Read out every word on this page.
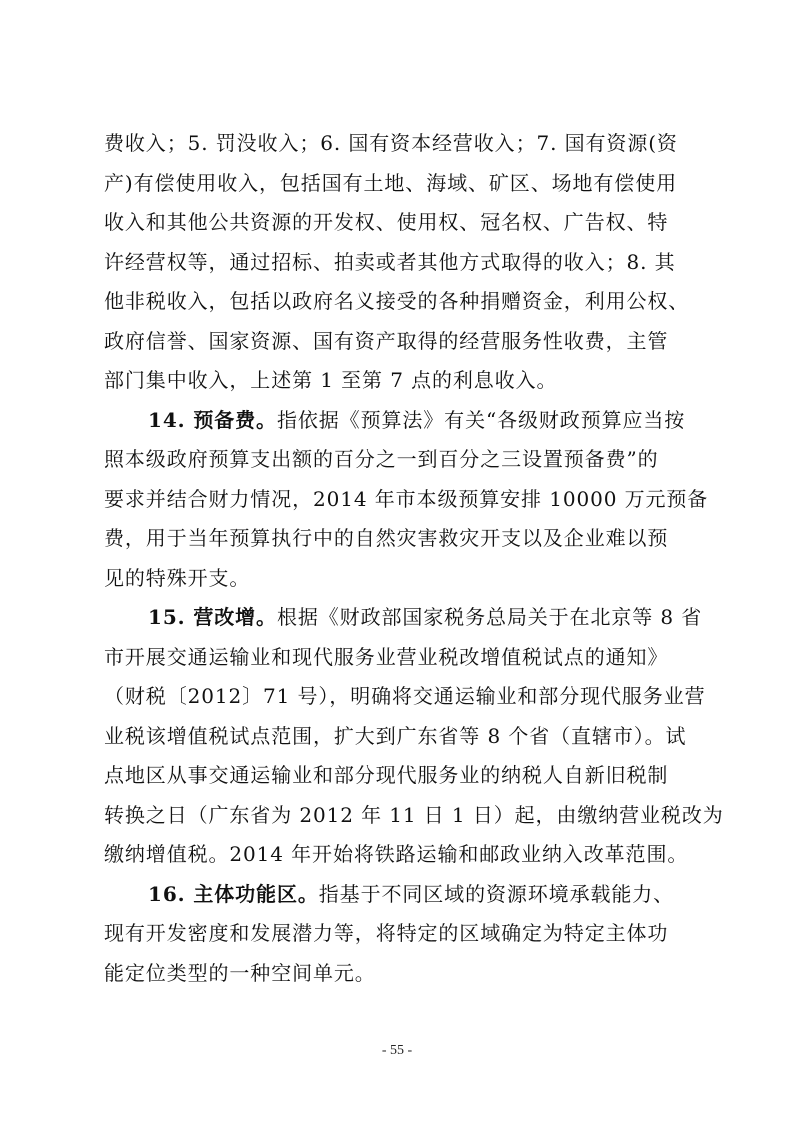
费收入；5. 罚没收入；6. 国有资本经营收入；7. 国有资源(资
产)有偿使用收入，包括国有土地、海域、矿区、场地有偿使用
收入和其他公共资源的开发权、使用权、冠名权、广告权、特
许经营权等，通过招标、拍卖或者其他方式取得的收入；8. 其
他非税收入，包括以政府名义接受的各种捐赠资金，利用公权、
政府信誉、国家资源、国有资产取得的经营服务性收费，主管
部门集中收入，上述第 1 至第 7 点的利息收入。
14. 预备费。指依据《预算法》有关“各级财政预算应当按
照本级政府预算支出额的百分之一到百分之三设置预备费”的
要求并结合财力情况，2014 年市本级预算安排 10000 万元预备
费，用于当年预算执行中的自然灾害救灾开支以及企业难以预
见的特殊开支。
15. 营改增。根据《财政部国家税务总局关于在北京等 8 省
市开展交通运输业和现代服务业营业税改增值税试点的通知》
（财税〔2012〕71 号），明确将交通运输业和部分现代服务业营
业税该增值税试点范围，扩大到广东省等 8 个省（直辖市）。试
点地区从事交通运输业和部分现代服务业的纳税人自新旧税制
转换之日（广东省为 2012 年 11 日 1 日）起，由缴纳营业税改为
缴纳增值税。2014 年开始将铁路运输和邮政业纳入改革范围。
16. 主体功能区。指基于不同区域的资源环境承载能力、
现有开发密度和发展潜力等，将特定的区域确定为特定主体功
能定位类型的一种空间单元。
- 55 -
